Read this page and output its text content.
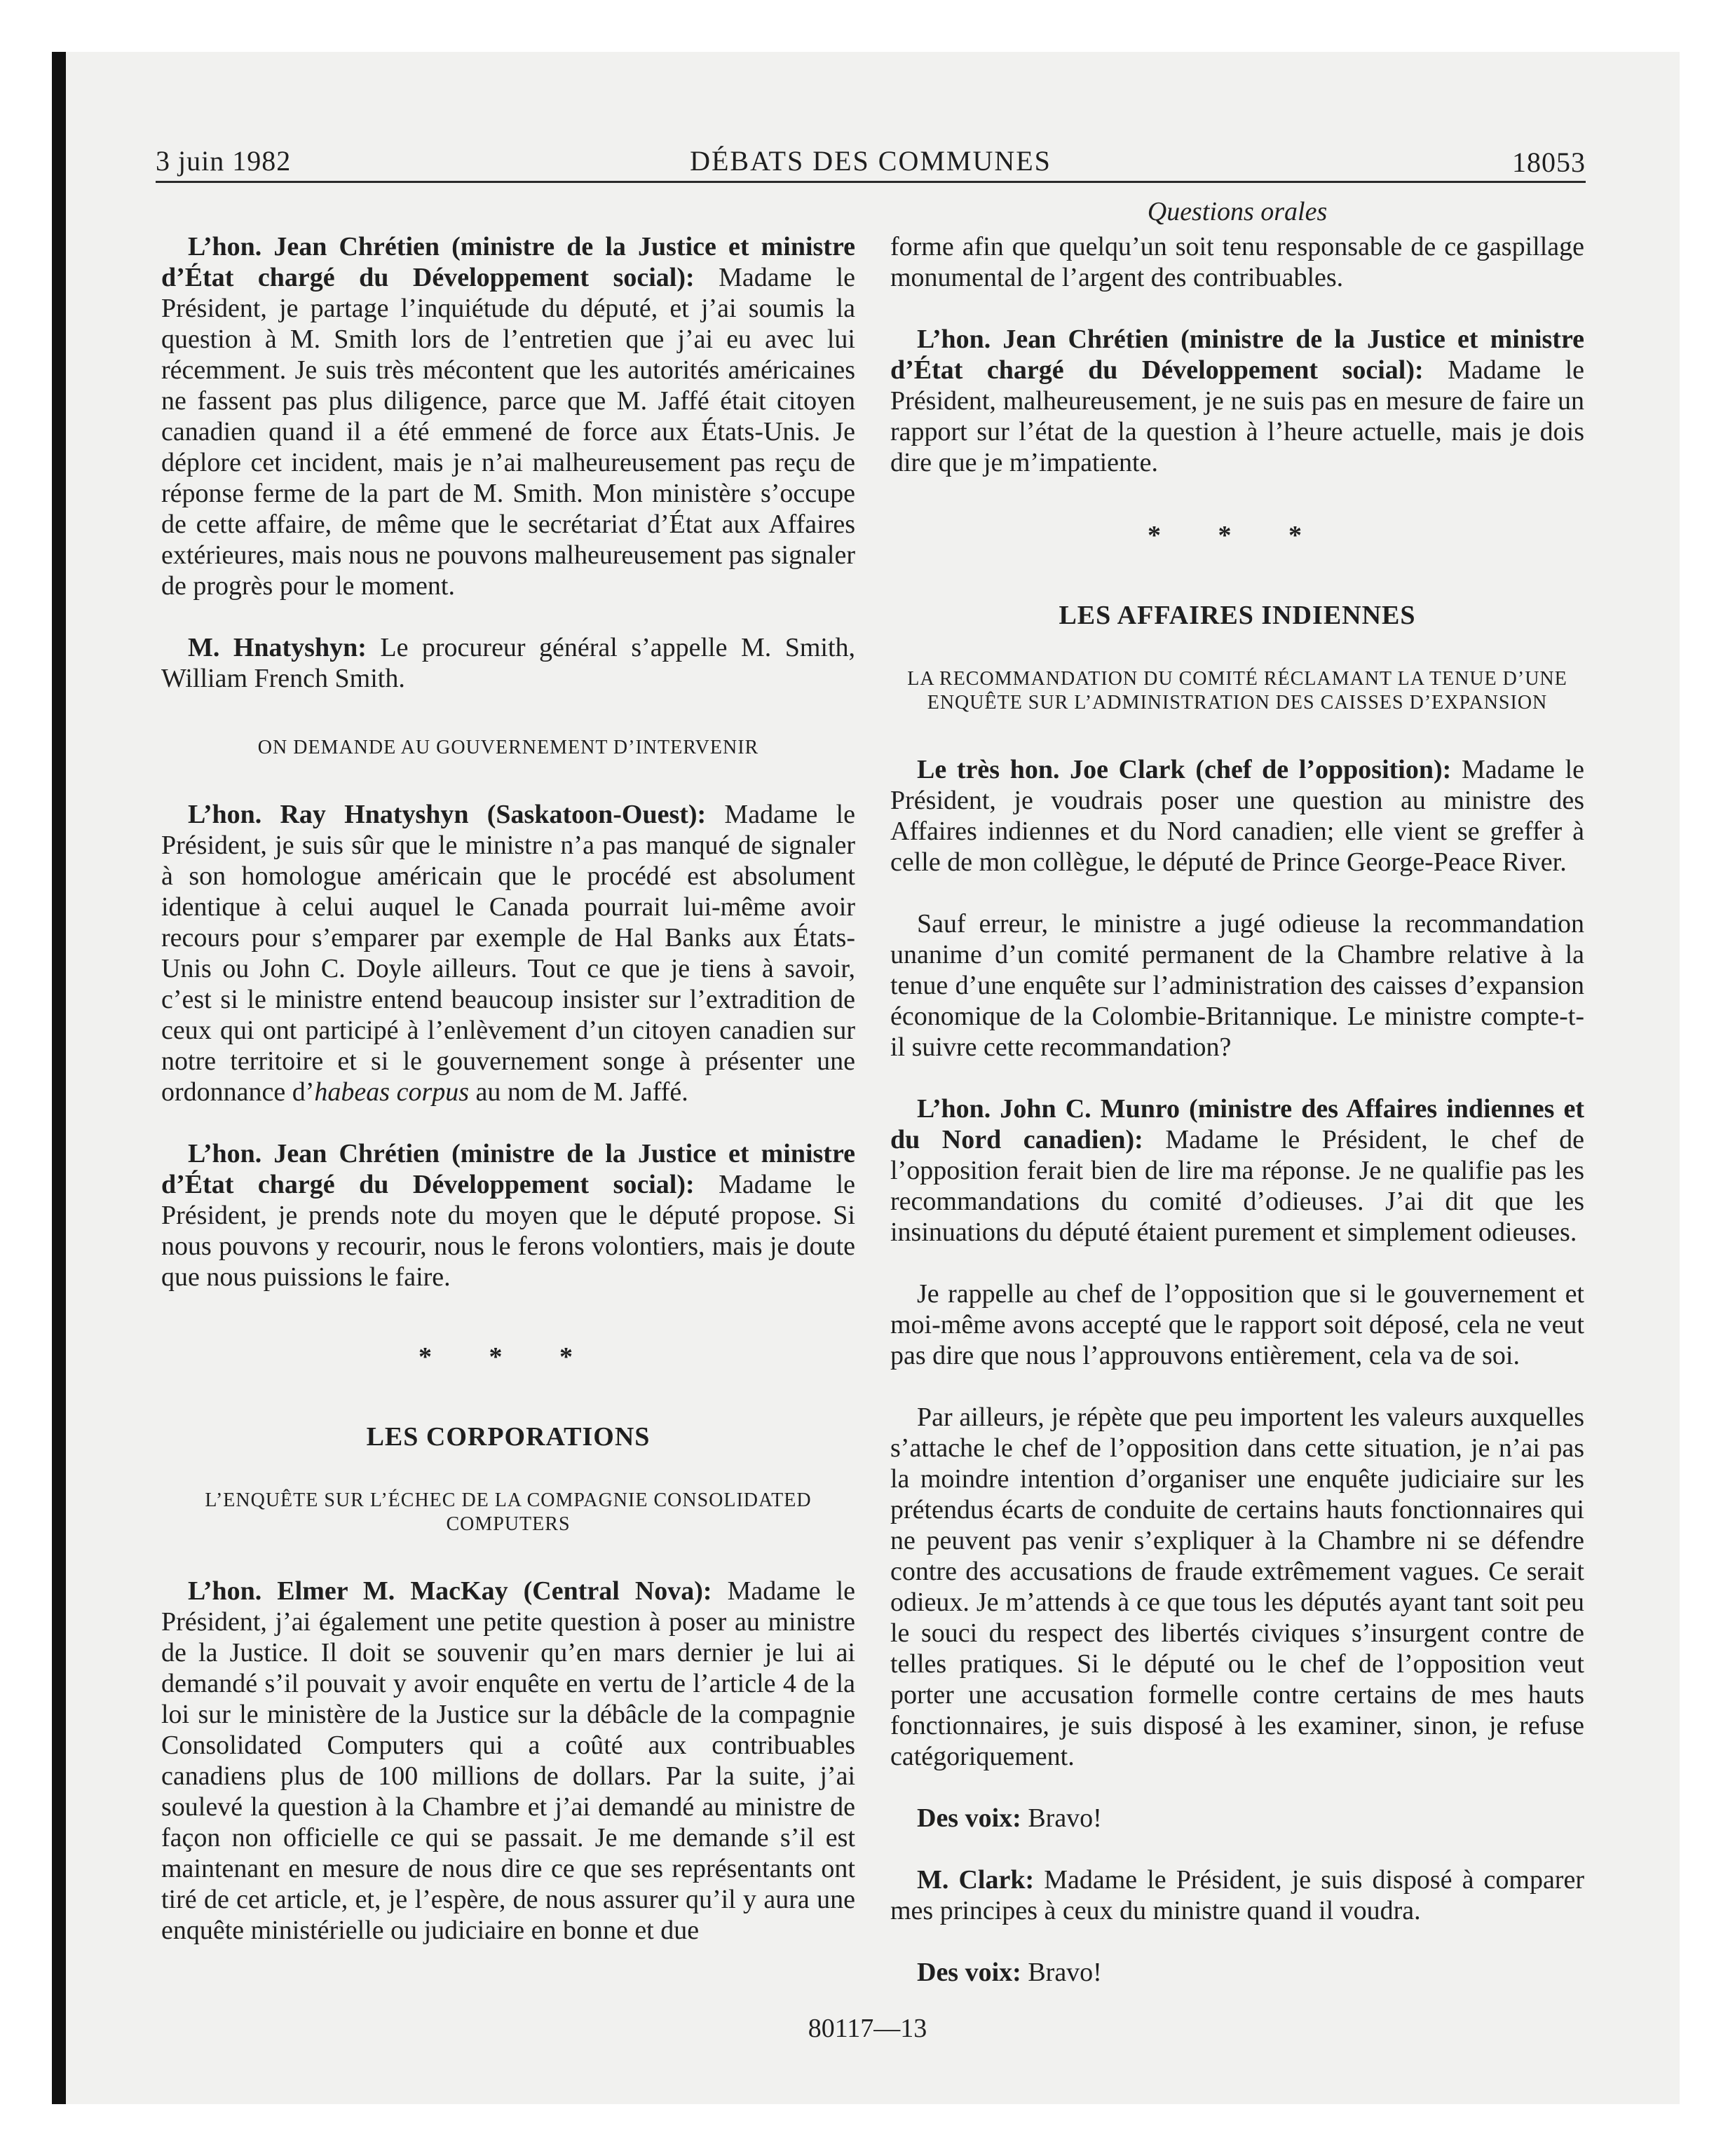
3 juin 1982	DÉBATS DES COMMUNES	18053
Questions orales

L’hon. Jean Chrétien (ministre de la Justice et ministre d’État chargé du Développement social): Madame le Président, je partage l’inquiétude du député, et j’ai soumis la question à M. Smith lors de l’entretien que j’ai eu avec lui récemment. Je suis très mécontent que les autorités américaines ne fassent pas plus diligence, parce que M. Jaffé était citoyen canadien quand il a été emmené de force aux États-Unis. Je déplore cet incident, mais je n’ai malheureusement pas reçu de réponse ferme de la part de M. Smith. Mon ministère s’occupe de cette affaire, de même que le secrétariat d’État aux Affaires extérieures, mais nous ne pouvons malheureusement pas signaler de progrès pour le moment.

M. Hnatyshyn: Le procureur général s’appelle M. Smith, William French Smith.

ON DEMANDE AU GOUVERNEMENT D’INTERVENIR

L’hon. Ray Hnatyshyn (Saskatoon-Ouest): Madame le Président, je suis sûr que le ministre n’a pas manqué de signaler à son homologue américain que le procédé est absolument identique à celui auquel le Canada pourrait lui-même avoir recours pour s’emparer par exemple de Hal Banks aux États-Unis ou John C. Doyle ailleurs. Tout ce que je tiens à savoir, c’est si le ministre entend beaucoup insister sur l’extradition de ceux qui ont participé à l’enlèvement d’un citoyen canadien sur notre territoire et si le gouvernement songe à présenter une ordonnance d’habeas corpus au nom de M. Jaffé.

L’hon. Jean Chrétien (ministre de la Justice et ministre d’État chargé du Développement social): Madame le Président, je prends note du moyen que le député propose. Si nous pouvons y recourir, nous le ferons volontiers, mais je doute que nous puissions le faire.

* * *
LES CORPORATIONS
L’ENQUÊTE SUR L’ÉCHEC DE LA COMPAGNIE CONSOLIDATED COMPUTERS

L’hon. Elmer M. MacKay (Central Nova): Madame le Président, j’ai également une petite question à poser au ministre de la Justice. Il doit se souvenir qu’en mars dernier je lui ai demandé s’il pouvait y avoir enquête en vertu de l’article 4 de la loi sur le ministère de la Justice sur la débâcle de la compagnie Consolidated Computers qui a coûté aux contribuables canadiens plus de 100 millions de dollars. Par la suite, j’ai soulevé la question à la Chambre et j’ai demandé au ministre de façon non officielle ce qui se passait. Je me demande s’il est maintenant en mesure de nous dire ce que ses représentants ont tiré de cet article, et, je l’espère, de nous assurer qu’il y aura une enquête ministérielle ou judiciaire en bonne et due

forme afin que quelqu’un soit tenu responsable de ce gaspillage monumental de l’argent des contribuables.

L’hon. Jean Chrétien (ministre de la Justice et ministre d’État chargé du Développement social): Madame le Président, malheureusement, je ne suis pas en mesure de faire un rapport sur l’état de la question à l’heure actuelle, mais je dois dire que je m’impatiente.

* * *
LES AFFAIRES INDIENNES
LA RECOMMANDATION DU COMITÉ RÉCLAMANT LA TENUE D’UNE ENQUÊTE SUR L’ADMINISTRATION DES CAISSES D’EXPANSION

Le très hon. Joe Clark (chef de l’opposition): Madame le Président, je voudrais poser une question au ministre des Affaires indiennes et du Nord canadien; elle vient se greffer à celle de mon collègue, le député de Prince George-Peace River.

Sauf erreur, le ministre a jugé odieuse la recommandation unanime d’un comité permanent de la Chambre relative à la tenue d’une enquête sur l’administration des caisses d’expansion économique de la Colombie-Britannique. Le ministre compte-t-il suivre cette recommandation?

L’hon. John C. Munro (ministre des Affaires indiennes et du Nord canadien): Madame le Président, le chef de l’opposition ferait bien de lire ma réponse. Je ne qualifie pas les recommandations du comité d’odieuses. J’ai dit que les insinuations du député étaient purement et simplement odieuses.

Je rappelle au chef de l’opposition que si le gouvernement et moi-même avons accepté que le rapport soit déposé, cela ne veut pas dire que nous l’approuvons entièrement, cela va de soi.

Par ailleurs, je répète que peu importent les valeurs auxquelles s’attache le chef de l’opposition dans cette situation, je n’ai pas la moindre intention d’organiser une enquête judiciaire sur les prétendus écarts de conduite de certains hauts fonctionnaires qui ne peuvent pas venir s’expliquer à la Chambre ni se défendre contre des accusations de fraude extrêmement vagues. Ce serait odieux. Je m’attends à ce que tous les députés ayant tant soit peu le souci du respect des libertés civiques s’insurgent contre de telles pratiques. Si le député ou le chef de l’opposition veut porter une accusation formelle contre certains de mes hauts fonctionnaires, je suis disposé à les examiner, sinon, je refuse catégoriquement.

Des voix: Bravo!

M. Clark: Madame le Président, je suis disposé à comparer mes principes à ceux du ministre quand il voudra.

Des voix: Bravo!

80117—13
